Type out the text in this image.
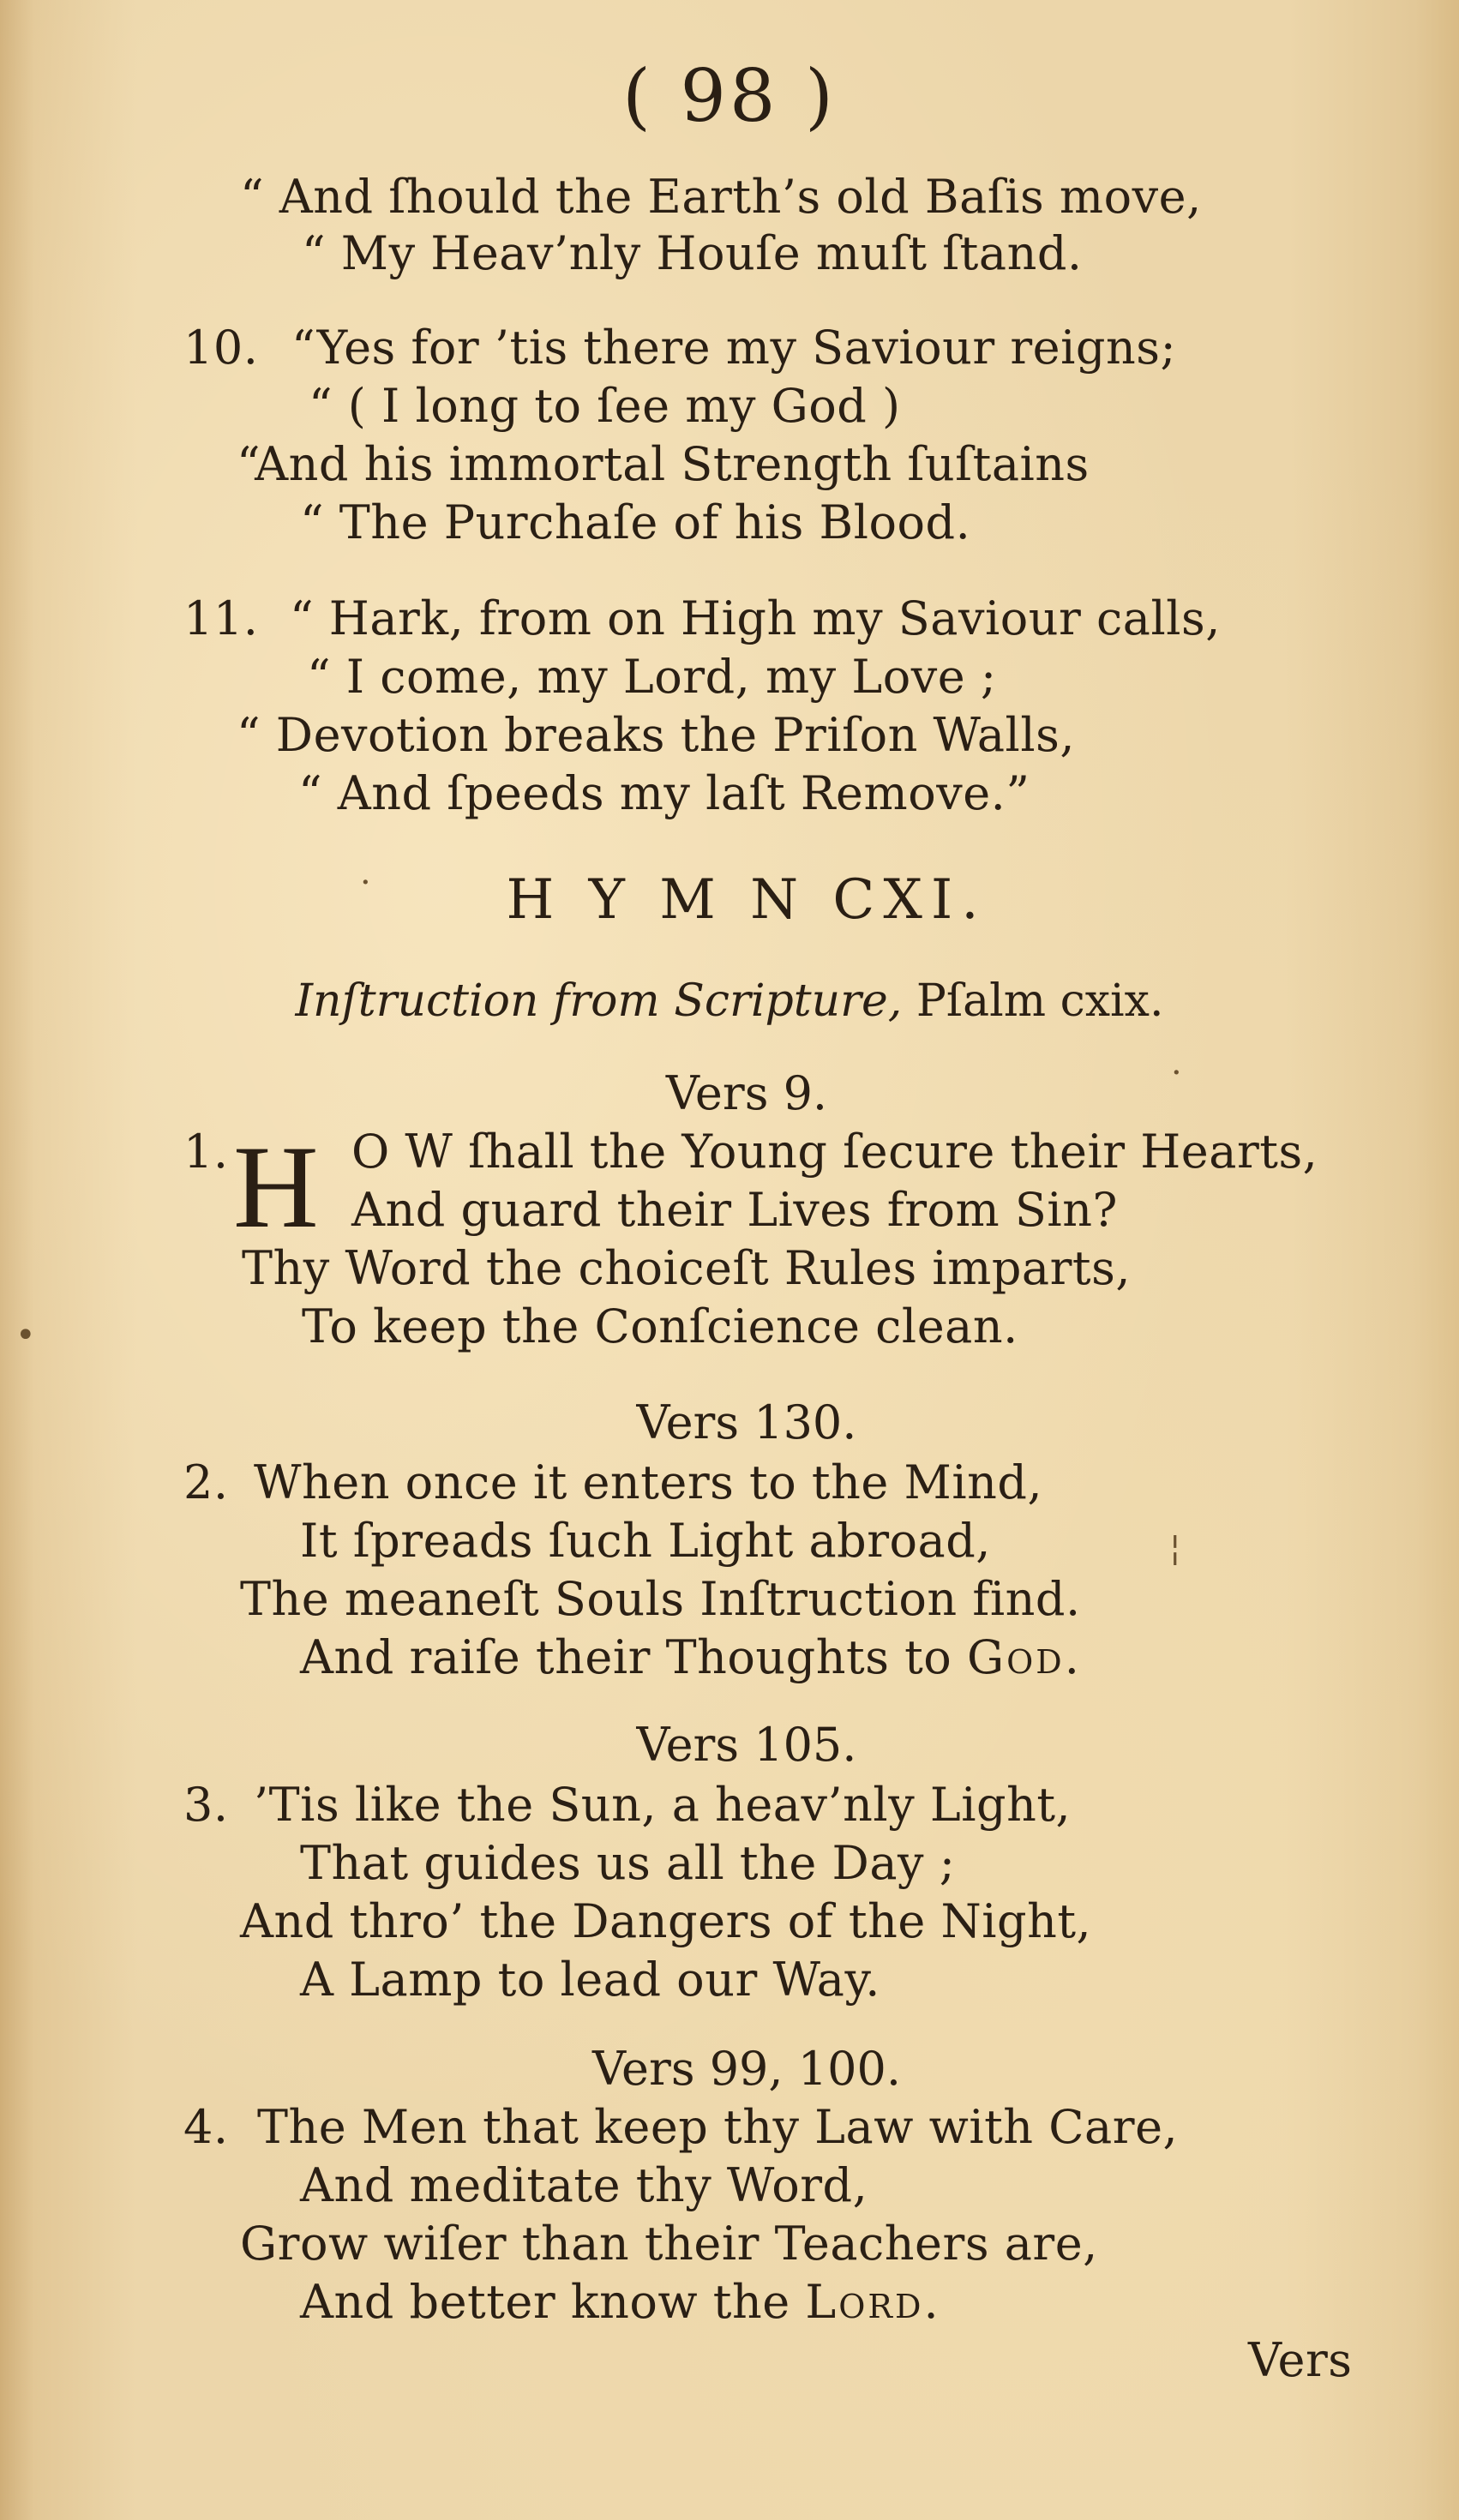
( 98 )
“ And ſhould the Earth’s old Baſis move,
“ My Heav’nly Houſe muſt ſtand.
10. “Yes for ’tis there my Saviour reigns;
“ ( I long to ſee my God )
“And his immortal Strength ſuſtains
“ The Purchaſe of his Blood.
11. “ Hark, from on High my Saviour calls,
“ I come, my Lord, my Love ;
“ Devotion breaks the Priſon Walls,
“ And ſpeeds my laſt Remove.”
H Y M N CXI.
Inſtruction from Scripture, Pſalm cxix.
Vers 9.
1. H O W ſhall the Young ſecure their Hearts,
And guard their Lives from Sin?
Thy Word the choiceſt Rules imparts,
To keep the Conſcience clean.
Vers 130.
2. When once it enters to the Mind,
It ſpreads ſuch Light abroad,
The meaneſt Souls Inſtruction find.
And raiſe their Thoughts to God.
Vers 105.
3. ’Tis like the Sun, a heav’nly Light,
That guides us all the Day ;
And thro’ the Dangers of the Night,
A Lamp to lead our Way.
Vers 99, 100.
4. The Men that keep thy Law with Care,
And meditate thy Word,
Grow wiſer than their Teachers are,
And better know the Lord.
Vers
·
·
•
¦
